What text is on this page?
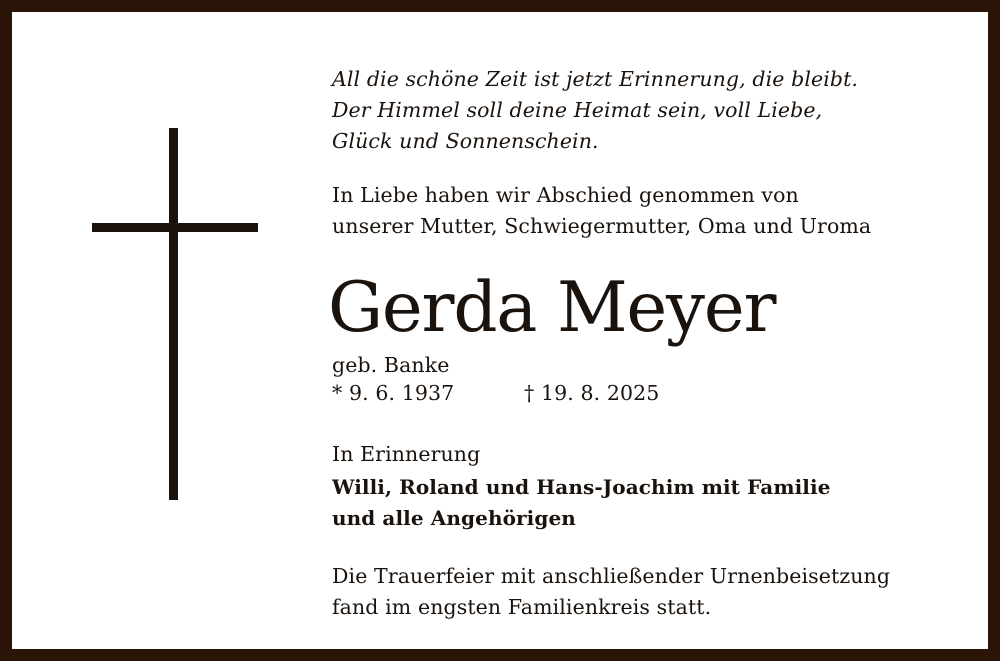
All die schöne Zeit ist jetzt Erinnerung, die bleibt.
Der Himmel soll deine Heimat sein, voll Liebe,
Glück und Sonnenschein.
In Liebe haben wir Abschied genommen von
unserer Mutter, Schwiegermutter, Oma und Uroma
Gerda Meyer
geb. Banke
* 9. 6. 1937	† 19. 8. 2025
In Erinnerung
Willi, Roland und Hans-Joachim mit Familie
und alle Angehörigen
Die Trauerfeier mit anschließender Urnenbeisetzung
fand im engsten Familienkreis statt.
